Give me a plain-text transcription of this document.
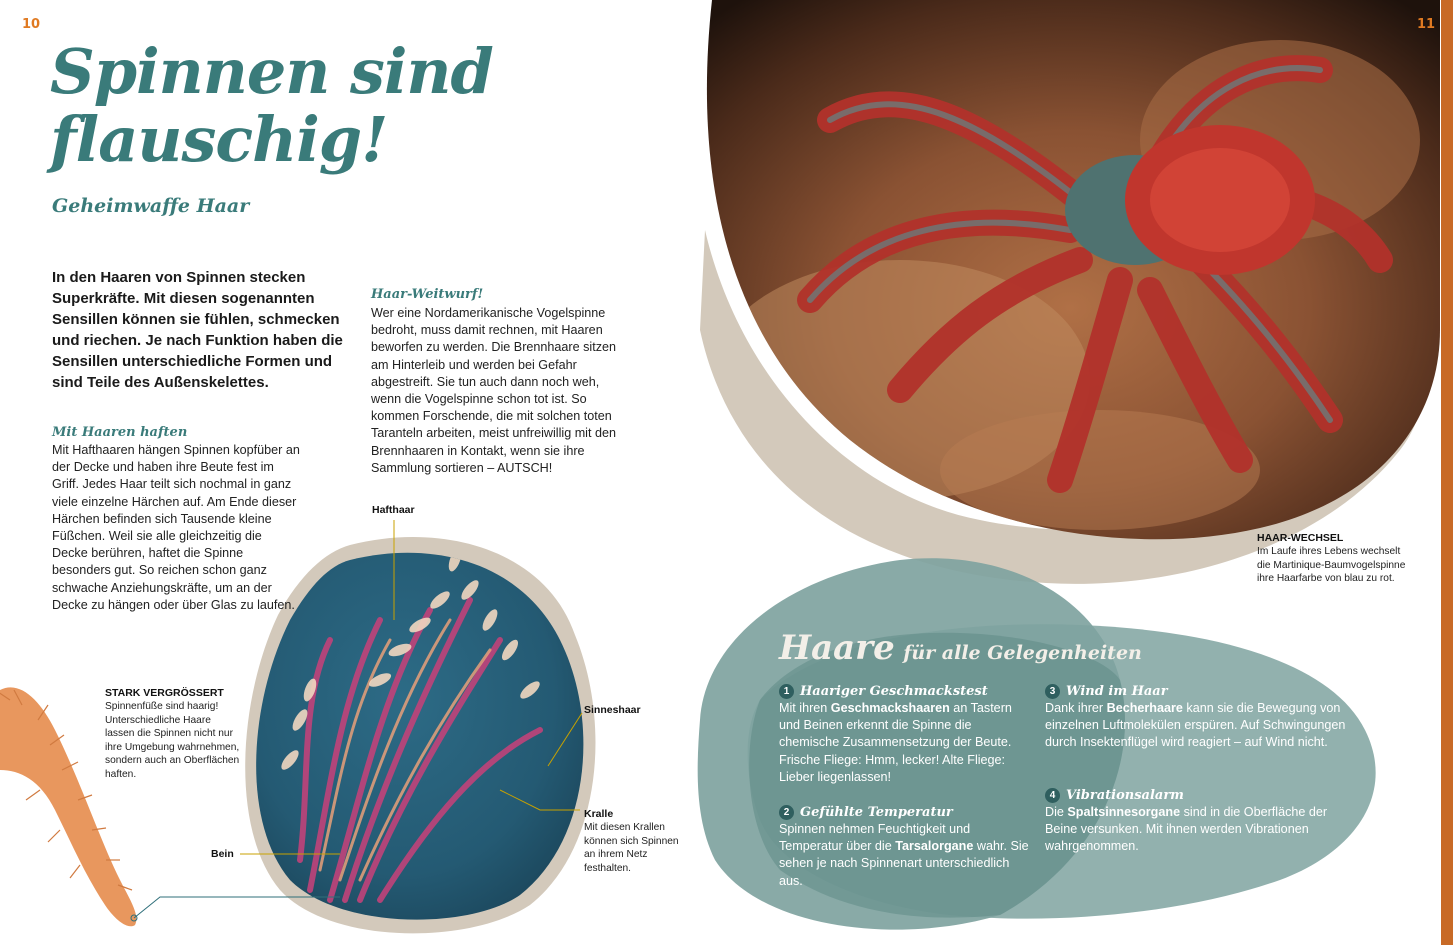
10	11
Spinnen sind
flauschig!
Geheimwaffe Haar
In den Haaren von Spinnen stecken Superkräfte. Mit diesen sogenannten Sensillen können sie fühlen, schmecken und riechen. Je nach Funktion haben die Sensillen unterschiedliche Formen und sind Teile des Außenskelettes.
Mit Haaren haften
Mit Hafthaaren hängen Spinnen kopfüber an der Decke und haben ihre Beute fest im Griff. Jedes Haar teilt sich nochmal in ganz viele einzelne Härchen auf. Am Ende dieser Härchen befinden sich Tausende kleine Füßchen. Weil sie alle gleichzeitig die Decke berühren, haftet die Spinne besonders gut. So reichen schon ganz schwache Anziehungskräfte, um an der Decke zu hängen oder über Glas zu laufen.
Haar-Weitwurf!
Wer eine Nordamerikanische Vogelspinne bedroht, muss damit rechnen, mit Haaren beworfen zu werden. Die Brennhaare sitzen am Hinterleib und werden bei Gefahr abgestreift. Sie tun auch dann noch weh, wenn die Vogelspinne schon tot ist. So kommen Forschende, die mit solchen toten Taranteln arbeiten, meist unfreiwillig mit den Brennhaaren in Kontakt, wenn sie ihre Sammlung sortieren – AUTSCH!
Hafthaar
Sinneshaar
Kralle
Mit diesen Krallen können sich Spinnen an ihrem Netz festhalten.
Bein
STARK VERGRÖSSERT
Spinnenfüße sind haarig! Unterschiedliche Haare lassen die Spinnen nicht nur ihre Umgebung wahrnehmen, sondern auch an Oberflächen haften.
HAAR-WECHSEL
Im Laufe ihres Lebens wechselt die Martinique-Baumvogelspinne ihre Haarfarbe von blau zu rot.
Haare für alle Gelegenheiten
1 Haariger Geschmackstest
Mit ihren Geschmackshaaren an Tastern und Beinen erkennt die Spinne die chemische Zusammensetzung der Beute. Frische Fliege: Hmm, lecker! Alte Fliege: Lieber liegenlassen!
2 Gefühlte Temperatur
Spinnen nehmen Feuchtigkeit und Temperatur über die Tarsalorgane wahr. Sie sehen je nach Spinnenart unterschiedlich aus.
3 Wind im Haar
Dank ihrer Becherhaare kann sie die Bewegung von einzelnen Luftmolekülen erspüren. Auf Schwingungen durch Insektenflügel wird reagiert – auf Wind nicht.
4 Vibrationsalarm
Die Spaltsinnesorgane sind in die Oberfläche der Beine versunken. Mit ihnen werden Vibrationen wahrgenommen.
